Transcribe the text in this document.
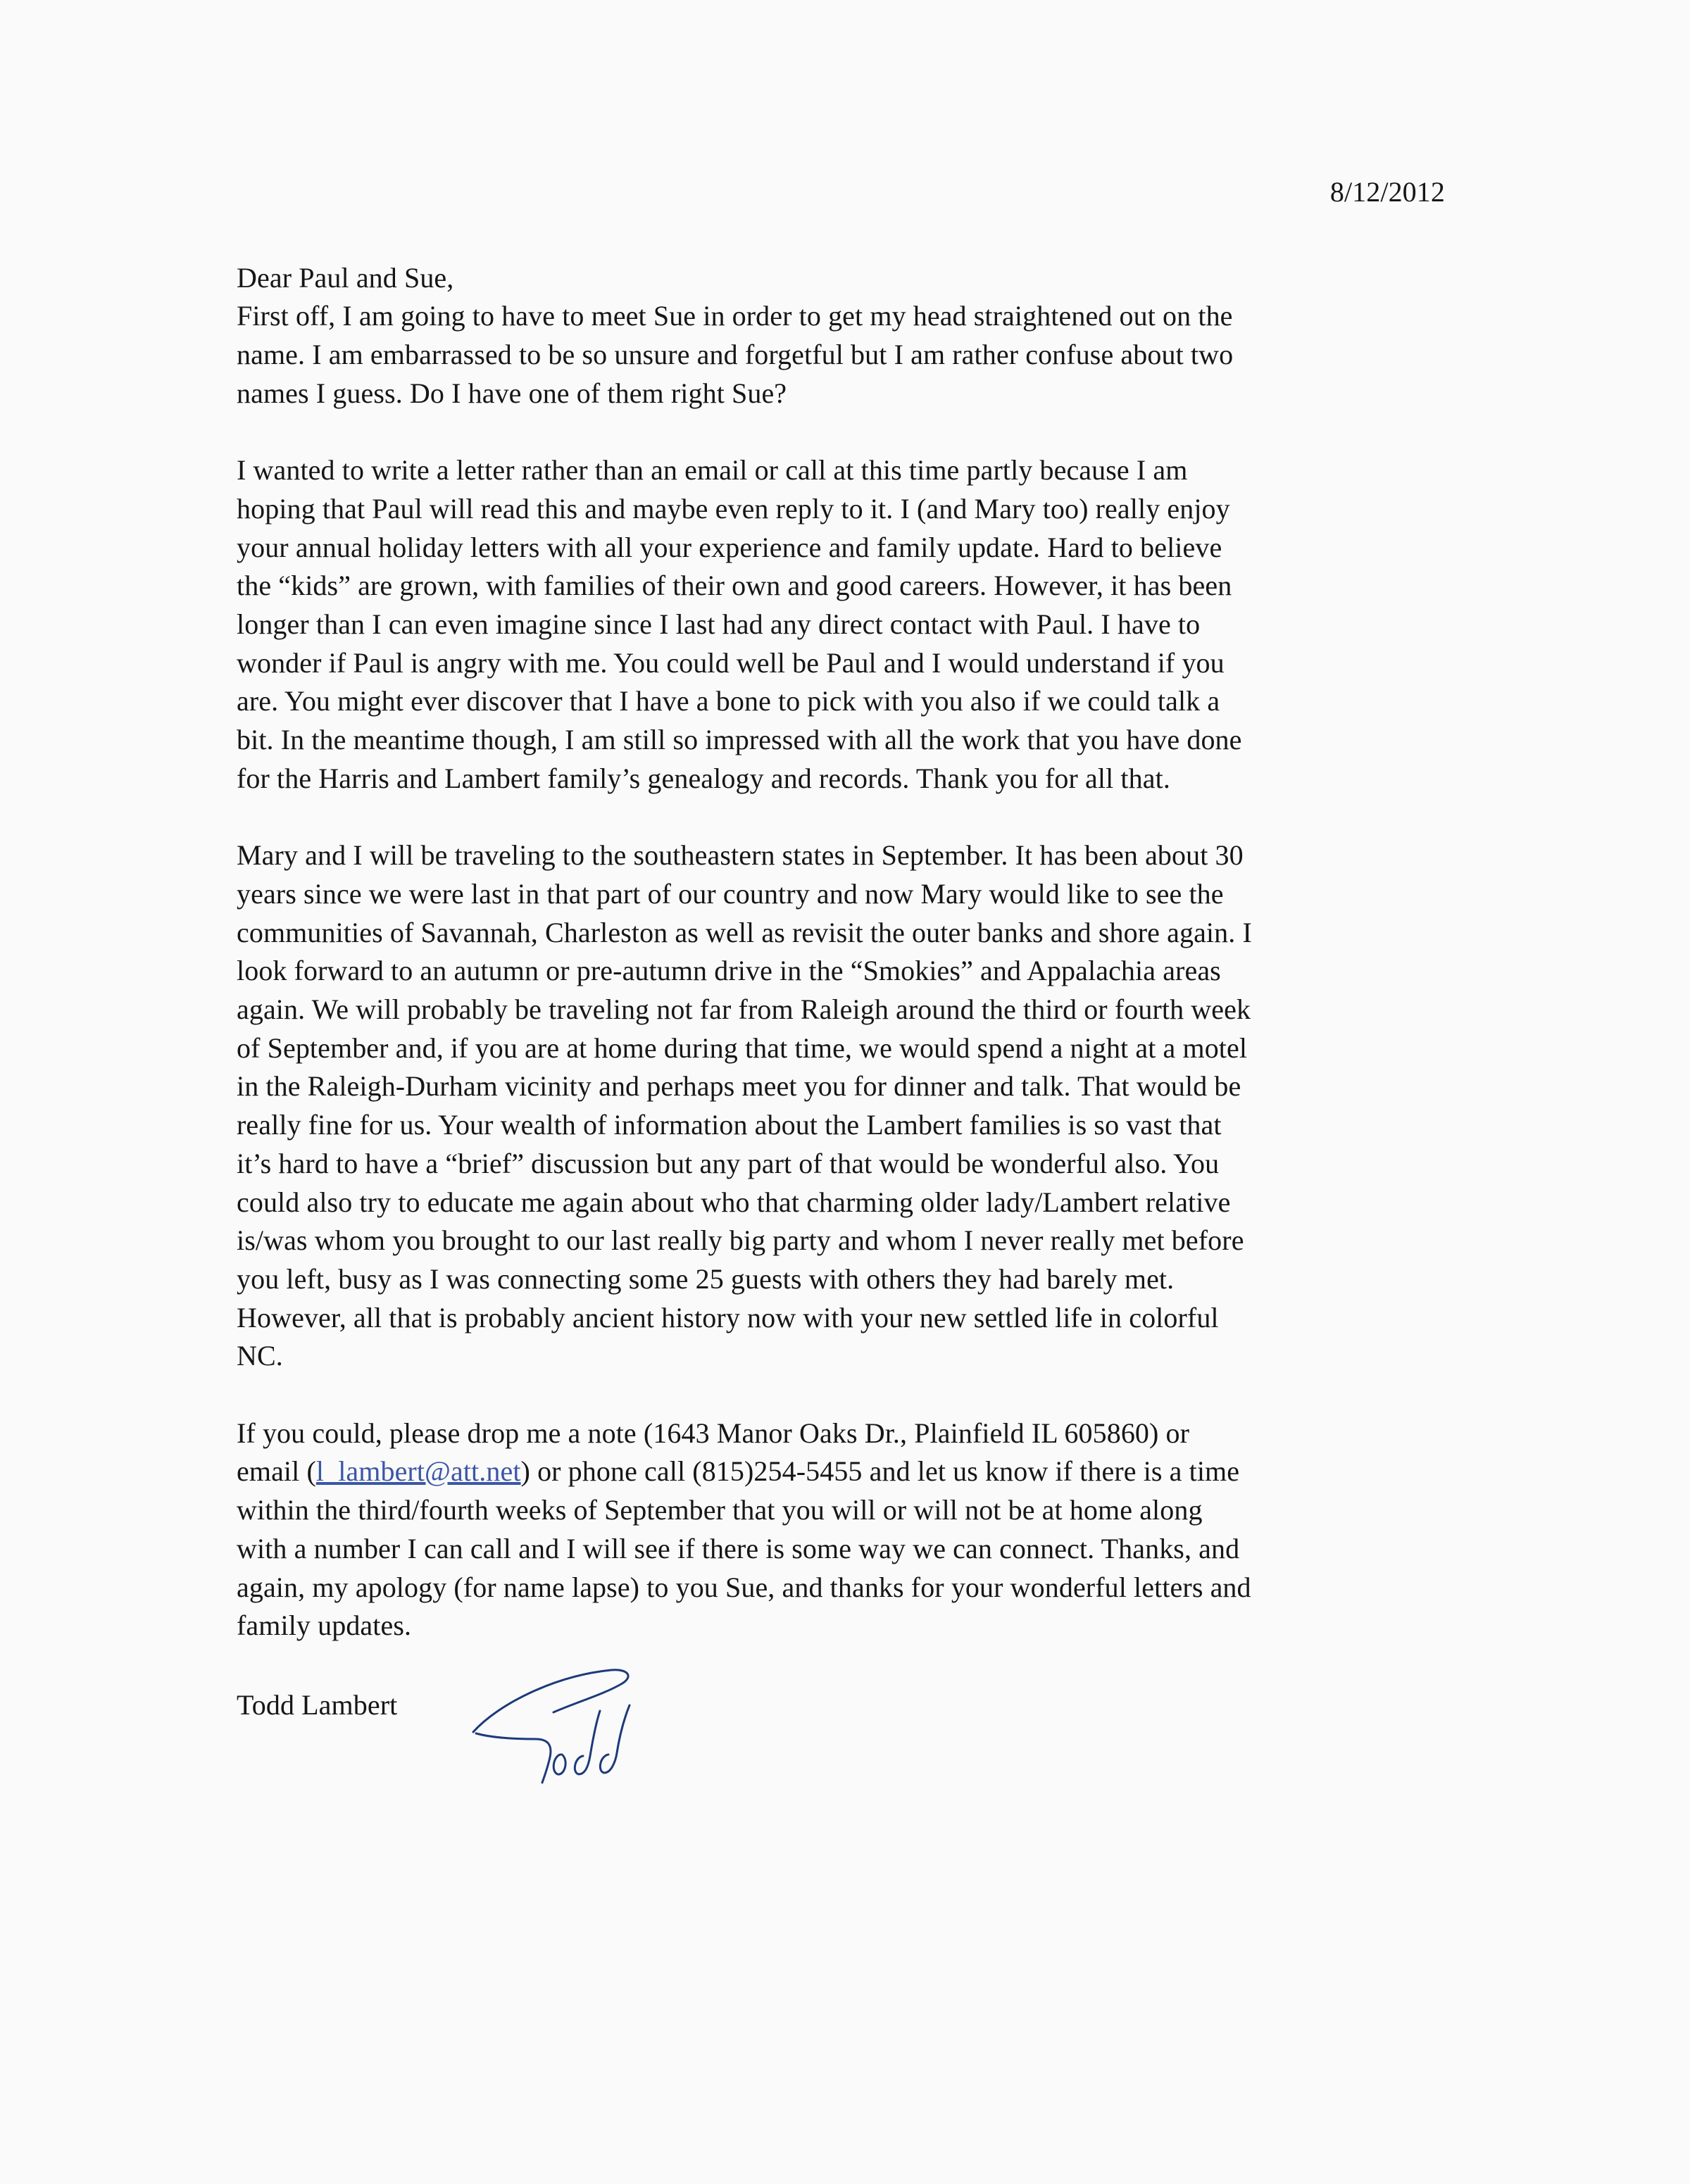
8/12/2012
Dear Paul and Sue,
First off, I am going to have to meet Sue in order to get my head straightened out on the
name. I am embarrassed to be so unsure and forgetful but I am rather confuse about two
names I guess. Do I have one of them right Sue?
I wanted to write a letter rather than an email or call at this time partly because I am
hoping that Paul will read this and maybe even reply to it. I (and Mary too) really enjoy
your annual holiday letters with all your experience and family update. Hard to believe
the “kids” are grown, with families of their own and good careers. However, it has been
longer than I can even imagine since I last had any direct contact with Paul. I have to
wonder if Paul is angry with me. You could well be Paul and I would understand if you
are. You might ever discover that I have a bone to pick with you also if we could talk a
bit. In the meantime though, I am still so impressed with all the work that you have done
for the Harris and Lambert family’s genealogy and records. Thank you for all that.
Mary and I will be traveling to the southeastern states in September. It has been about 30
years since we were last in that part of our country and now Mary would like to see the
communities of Savannah, Charleston as well as revisit the outer banks and shore again. I
look forward to an autumn or pre-autumn drive in the “Smokies” and Appalachia areas
again. We will probably be traveling not far from Raleigh around the third or fourth week
of September and, if you are at home during that time, we would spend a night at a motel
in the Raleigh-Durham vicinity and perhaps meet you for dinner and talk. That would be
really fine for us. Your wealth of information about the Lambert families is so vast that
it’s hard to have a “brief” discussion but any part of that would be wonderful also. You
could also try to educate me again about who that charming older lady/Lambert relative
is/was whom you brought to our last really big party and whom I never really met before
you left, busy as I was connecting some 25 guests with others they had barely met.
However, all that is probably ancient history now with your new settled life in colorful
NC.
If you could, please drop me a note (1643 Manor Oaks Dr., Plainfield IL 605860) or
email (l_lambert@att.net) or phone call (815)254-5455 and let us know if there is a time
within the third/fourth weeks of September that you will or will not be at home along
with a number I can call and I will see if there is some way we can connect. Thanks, and
again, my apology (for name lapse) to you Sue, and thanks for your wonderful letters and
family updates.
Todd Lambert
